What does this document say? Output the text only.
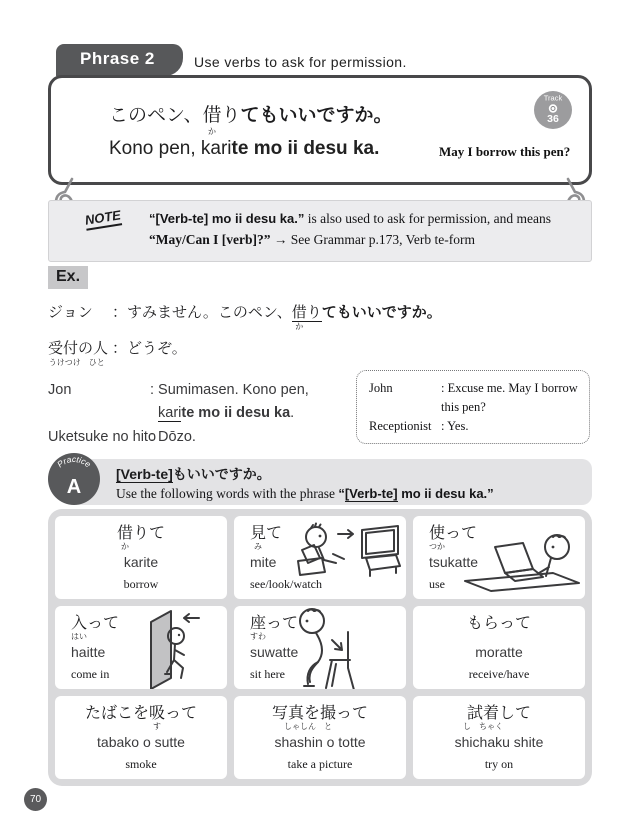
Phrase 2	Use verbs to ask for permission.
このペン、借り
か
てもいいですか。
Kono pen, karite mo ii desu ka.	May I borrow this pen?
Track
36
NOTE “[Verb-te] mo ii desu ka.” is also used to ask for permission, and means “May/Can I [verb]?” → See Grammar p.173, Verb te-form
Ex.
ジョン ：すみません。このペン、借り
か
てもいいですか。
受付の人
うけつけ　ひと
：どうぞ。
Jon	: Sumimasen. Kono pen,
karite mo ii desu ka.
Uketsuke no hito
: Dōzo.
John	: Excuse me. May I borrow this pen?
Receptionist : Yes.
[Verb-te]もいいですか。
Use the following words with the phrase “[Verb-te] mo ii desu ka.”
Practice
A
借りて
か
karite
borrow
見て
み
mite
see/look/watch
使って
つか
tsukatte
use
入って
はい
haitte
come in
座って
すわ
suwatte
sit here
もらって
moratte
receive/have
たばこを吸って
す
tabako o sutte
smoke
写真を撮って
しゃしん　と
shashin o totte
take a picture
試着して
し　ちゃく
shichaku shite
try on
70
